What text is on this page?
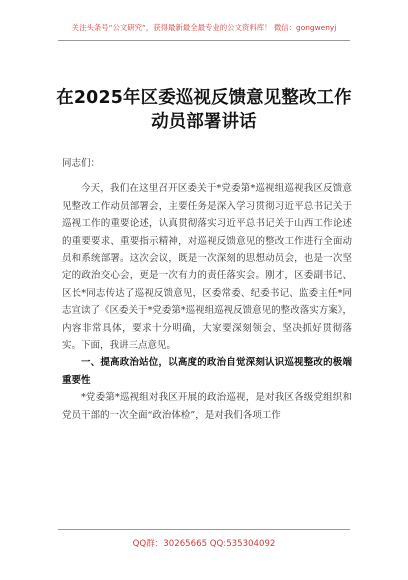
关注头条号“公文研究”，获得最新最全最专业的公文资料库！ 微信：gongwenyj
在2025年区委巡视反馈意见整改工作动员部署讲话

同志们：

今天，我们在这里召开区委关于*党委第*巡视组巡视我区反馈意见整改工作动员部署会，主要任务是深入学习贯彻习近平总书记关于巡视工作的重要论述，认真贯彻落实习近平总书记关于山西工作论述的重要要求、重要指示精神，对巡视反馈意见的整改工作进行全面动员和系统部署。这次会议，既是一次深刻的思想动员会，也是一次坚定的政治交心会，更是一次有力的责任落实会。刚才，区委副书记、区长*同志传达了巡视反馈意见，区委常委、纪委书记、监委主任*同志宣读了《区委关于*党委第*巡视组巡视反馈意见的整改落实方案》，内容非常具体，要求十分明确，大家要深刻领会、坚决抓好贯彻落实。下面，我讲三点意见。

一、提高政治站位，以高度的政治自觉深刻认识巡视整改的极端重要性

*党委第*巡视组对我区开展的政治巡视，是对我区各级党组织和党员干部的一次全面“政治体检”，是对我们各项工作

QQ群：30265665 QQ:535304092
